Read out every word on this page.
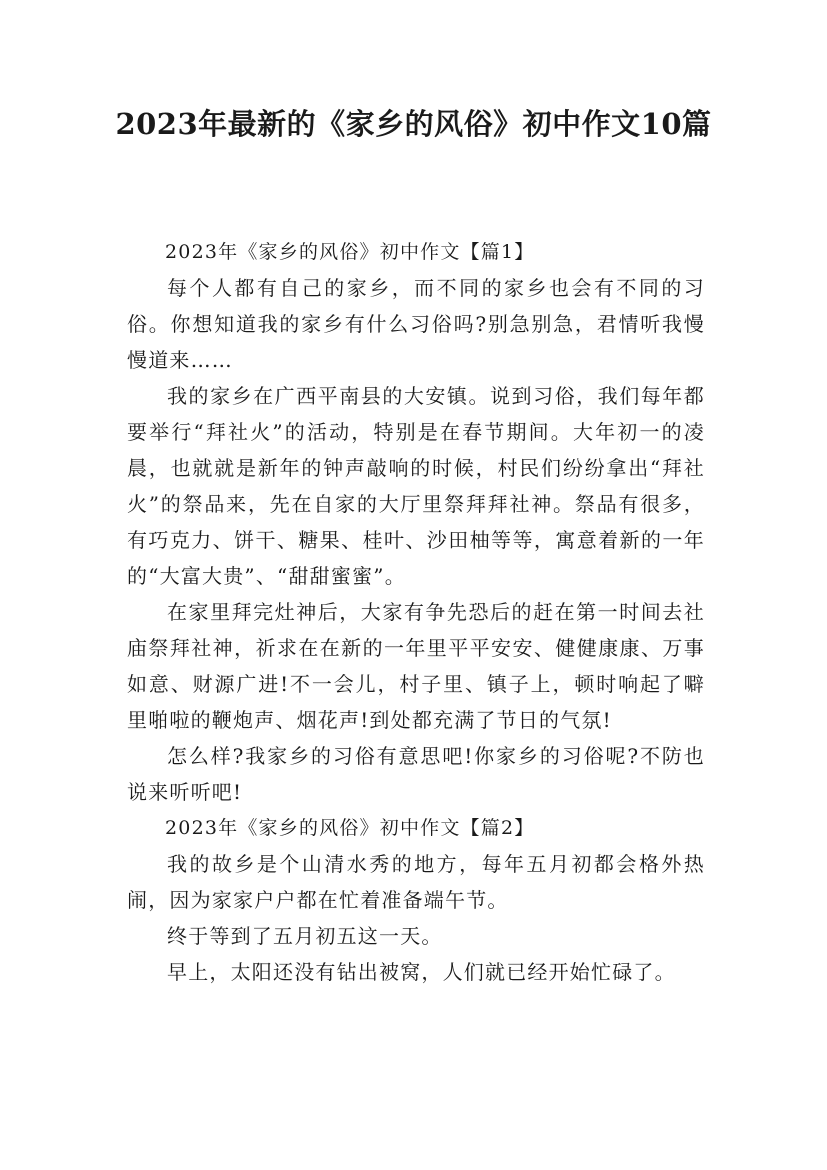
2023年最新的《家乡的风俗》初中作文10篇
2023年《家乡的风俗》初中作文【篇1】

每个人都有自己的家乡，而不同的家乡也会有不同的习俗。你想知道我的家乡有什么习俗吗?别急别急，君情听我慢慢道来……

我的家乡在广西平南县的大安镇。说到习俗，我们每年都要举行“拜社火”的活动，特别是在春节期间。大年初一的凌晨，也就就是新年的钟声敲响的时候，村民们纷纷拿出“拜社火”的祭品来，先在自家的大厅里祭拜拜社神。祭品有很多，有巧克力、饼干、糖果、桂叶、沙田柚等等，寓意着新的一年的“大富大贵”、“甜甜蜜蜜”。

在家里拜完灶神后，大家有争先恐后的赶在第一时间去社庙祭拜社神，祈求在在新的一年里平平安安、健健康康、万事如意、财源广进!不一会儿，村子里、镇子上，顿时响起了噼里啪啦的鞭炮声、烟花声!到处都充满了节日的气氛!

怎么样?我家乡的习俗有意思吧!你家乡的习俗呢?不防也说来听听吧!

2023年《家乡的风俗》初中作文【篇2】

我的故乡是个山清水秀的地方，每年五月初都会格外热闹，因为家家户户都在忙着准备端午节。

终于等到了五月初五这一天。

早上，太阳还没有钻出被窝，人们就已经开始忙碌了。
